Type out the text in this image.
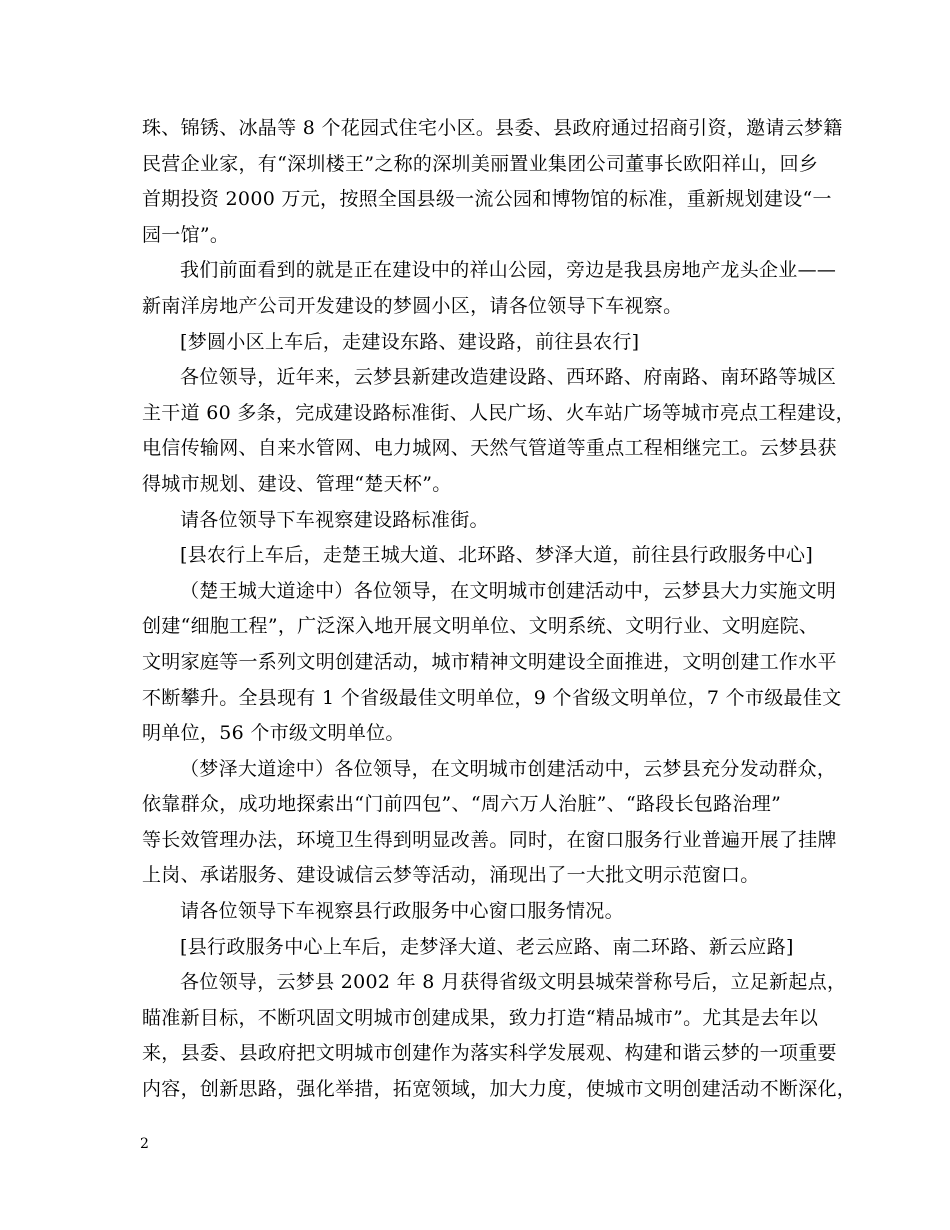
珠、锦锈、冰晶等 8 个花园式住宅小区。县委、县政府通过招商引资，邀请云梦籍
民营企业家，有“深圳楼王”之称的深圳美丽置业集团公司董事长欧阳祥山，回乡
首期投资 2000 万元，按照全国县级一流公园和博物馆的标准，重新规划建设“一
园一馆”。
我们前面看到的就是正在建设中的祥山公园，旁边是我县房地产龙头企业——
新南洋房地产公司开发建设的梦圆小区，请各位领导下车视察。
[梦圆小区上车后，走建设东路、建设路，前往县农行]
各位领导，近年来，云梦县新建改造建设路、西环路、府南路、南环路等城区
主干道 60 多条，完成建设路标准街、人民广场、火车站广场等城市亮点工程建设，
电信传输网、自来水管网、电力城网、天然气管道等重点工程相继完工。云梦县获
得城市规划、建设、管理“楚天杯”。
请各位领导下车视察建设路标准街。
[县农行上车后，走楚王城大道、北环路、梦泽大道，前往县行政服务中心]
（楚王城大道途中）各位领导，在文明城市创建活动中，云梦县大力实施文明
创建“细胞工程”，广泛深入地开展文明单位、文明系统、文明行业、文明庭院、
文明家庭等一系列文明创建活动，城市精神文明建设全面推进，文明创建工作水平
不断攀升。全县现有 1 个省级最佳文明单位，9 个省级文明单位，7 个市级最佳文
明单位，56 个市级文明单位。
（梦泽大道途中）各位领导，在文明城市创建活动中，云梦县充分发动群众，
依靠群众，成功地探索出“门前四包”、“周六万人治脏”、“路段长包路治理”
等长效管理办法，环境卫生得到明显改善。同时，在窗口服务行业普遍开展了挂牌
上岗、承诺服务、建设诚信云梦等活动，涌现出了一大批文明示范窗口。
请各位领导下车视察县行政服务中心窗口服务情况。
[县行政服务中心上车后，走梦泽大道、老云应路、南二环路、新云应路]
各位领导，云梦县 2002 年 8 月获得省级文明县城荣誉称号后，立足新起点，
瞄准新目标，不断巩固文明城市创建成果，致力打造“精品城市”。尤其是去年以
来，县委、县政府把文明城市创建作为落实科学发展观、构建和谐云梦的一项重要
内容，创新思路，强化举措，拓宽领域，加大力度，使城市文明创建活动不断深化，
2
